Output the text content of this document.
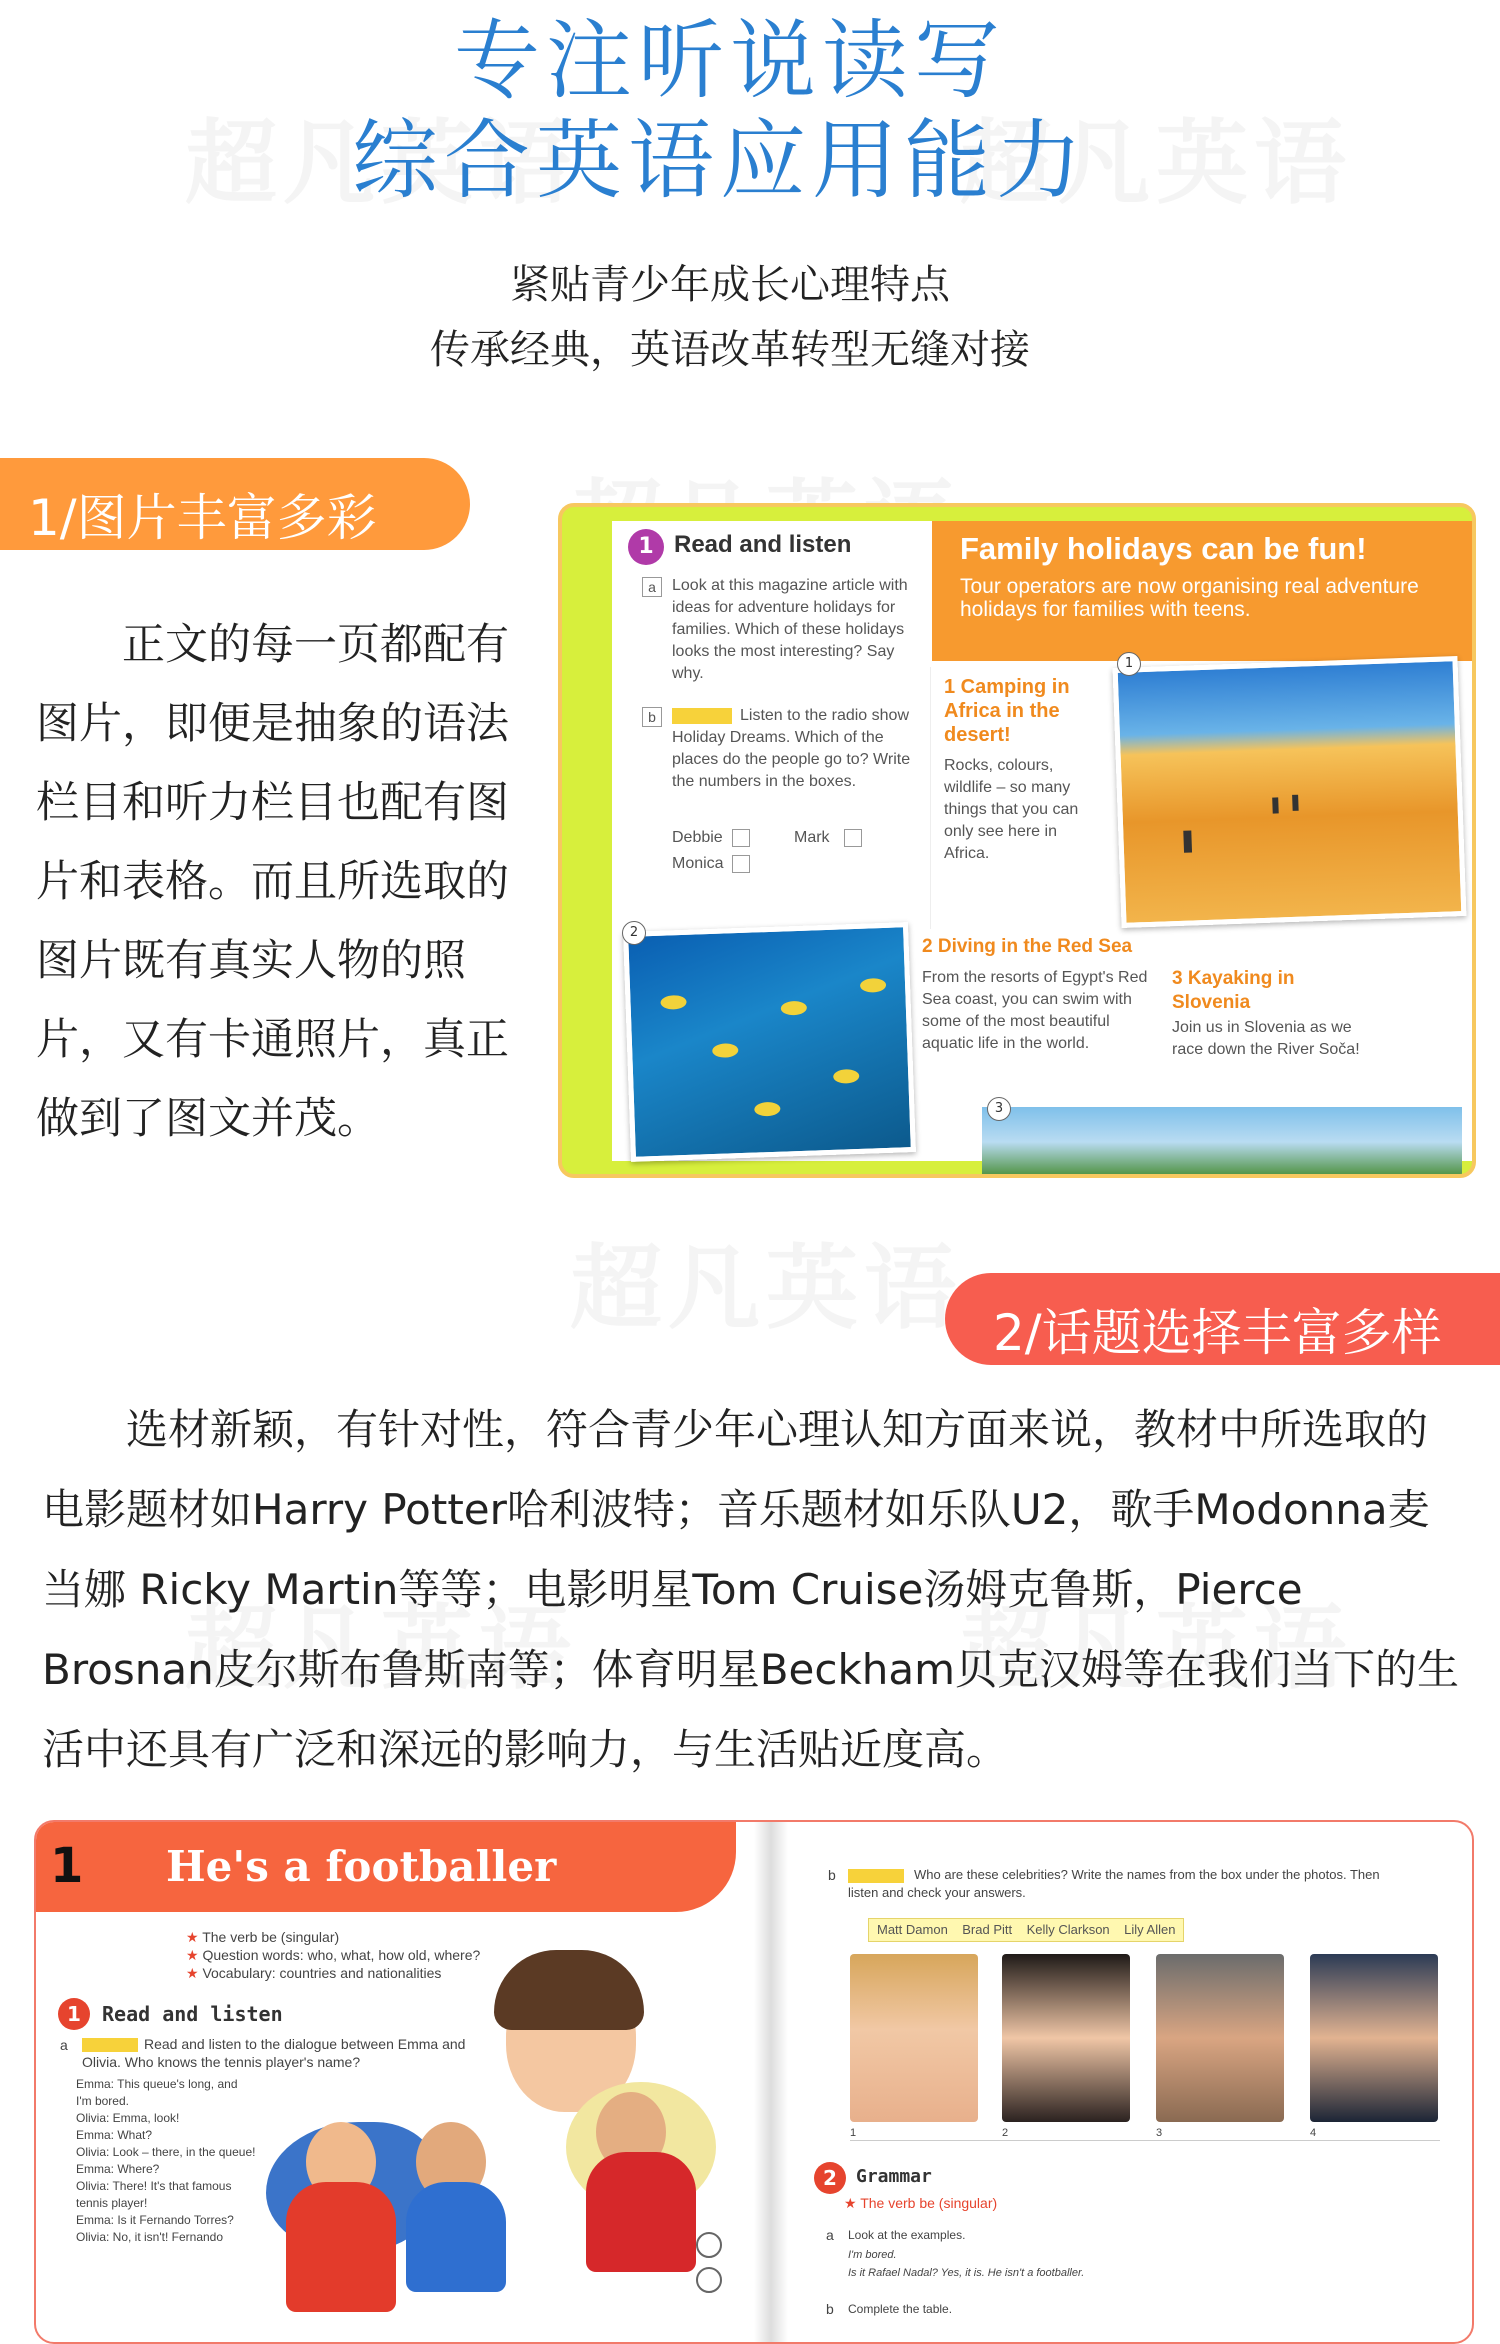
专注听说读写
综合英语应用能力
紧贴青少年成长心理特点
传承经典，英语改革转型无缝对接
1/图片丰富多彩

正文的每一页都配有图片，即便是抽象的语法栏目和听力栏目也配有图片和表格。而且所选取的图片既有真实人物的照片，又有卡通照片，真正做到了图文并茂。

Family holidays can be fun!
Tour operators are now organising real adventure holidays for families with teens.
1 Read and listen
a	Look at this magazine article with ideas for adventure holidays for families. Which of these holidays looks the most interesting? Say why.
b	Listen to the radio show Holiday Dreams. Which of the places do the people go to? Write the numbers in the boxes.
Debbie	Mark
Monica
1 Camping in Africa in the desert!
Rocks, colours, wildlife – so many things that you can only see here in Africa.
1
2
2 Diving in the Red Sea
From the resorts of Egypt's Red Sea coast, you can swim with some of the most beautiful aquatic life in the world.
3 Kayaking in Slovenia
Join us in Slovenia as we race down the River Soča!
3
2/话题选择丰富多样

选材新颖，有针对性，符合青少年心理认知方面来说，教材中所选取的电影题材如Harry Potter哈利波特；音乐题材如乐队U2，歌手Modonna麦当娜 Ricky Martin等等；电影明星Tom Cruise汤姆克鲁斯，Pierce Brosnan皮尔斯布鲁斯南等；体育明星Beckham贝克汉姆等在我们当下的生活中还具有广泛和深远的影响力，与生活贴近度高。

1 He's a footballer
★ The verb be (singular)
★ Question words: who, what, how old, where?
★ Vocabulary: countries and nationalities
1	Read and listen
a	Read and listen to the dialogue between Emma and Olivia. Who knows the tennis player's name?
Emma: This queue's long, and I'm bored.
Olivia: Emma, look!
Emma: What?
Olivia: Look – there, in the queue!
Emma: Where?
Olivia: There! It's that famous tennis player!
Emma: Is it Fernando Torres?
Olivia: No, it isn't! Fernando
b	Who are these celebrities? Write the names from the box under the photos. Then listen and check your answers.
Matt Damon Brad Pitt Kelly Clarkson Lily Allen
1	2	3	4
2	Grammar
★ The verb be (singular)
a Look at the examples.
I'm bored.
Is it Rafael Nadal? Yes, it is. He isn't a footballer.
b Complete the table.
